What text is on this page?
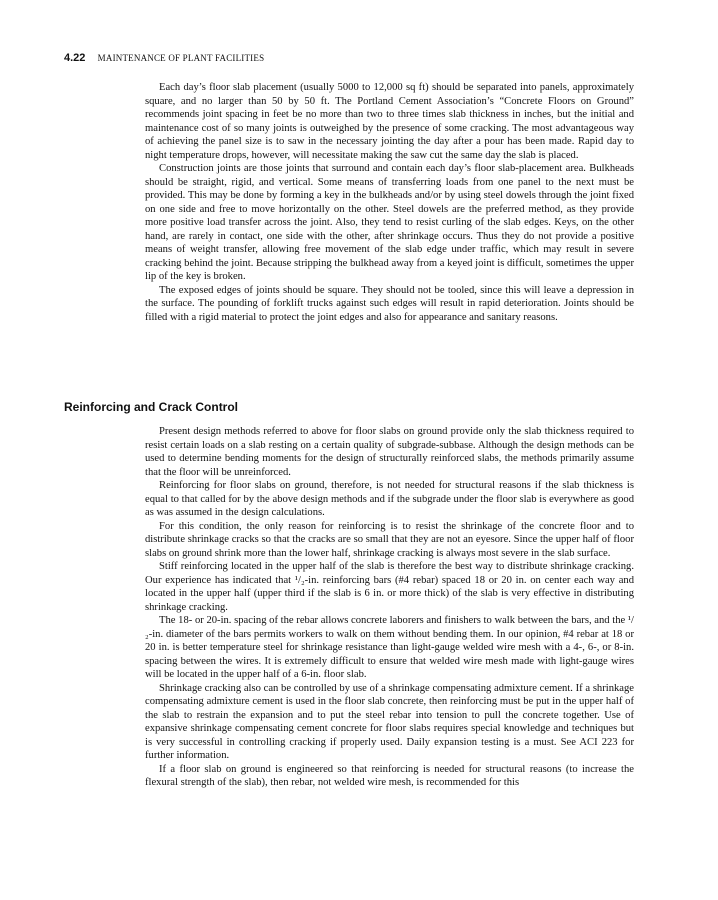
4.22 MAINTENANCE OF PLANT FACILITIES

Each day’s floor slab placement (usually 5000 to 12,000 sq ft) should be separated into panels, approximately square, and no larger than 50 by 50 ft. The Portland Cement Association’s “Concrete Floors on Ground” recommends joint spacing in feet be no more than two to three times slab thickness in inches, but the initial and maintenance cost of so many joints is outweighed by the presence of some cracking. The most advantageous way of achieving the panel size is to saw in the necessary jointing the day after a pour has been made. Rapid day to night temperature drops, however, will necessitate making the saw cut the same day the slab is placed.

Construction joints are those joints that surround and contain each day’s floor slab-placement area. Bulkheads should be straight, rigid, and vertical. Some means of transferring loads from one panel to the next must be provided. This may be done by forming a key in the bulkheads and/or by using steel dowels through the joint fixed on one side and free to move horizontally on the other. Steel dowels are the preferred method, as they provide more positive load transfer across the joint. Also, they tend to resist curling of the slab edges. Keys, on the other hand, are rarely in contact, one side with the other, after shrinkage occurs. Thus they do not provide a positive means of weight transfer, allowing free movement of the slab edge under traffic, which may result in severe cracking behind the joint. Because stripping the bulkhead away from a keyed joint is difficult, sometimes the upper lip of the key is broken.

The exposed edges of joints should be square. They should not be tooled, since this will leave a depression in the surface. The pounding of forklift trucks against such edges will result in rapid deterioration. Joints should be filled with a rigid material to protect the joint edges and also for appearance and sanitary reasons.

Reinforcing and Crack Control

Present design methods referred to above for floor slabs on ground provide only the slab thickness required to resist certain loads on a slab resting on a certain quality of subgrade-subbase. Although the design methods can be used to determine bending moments for the design of structurally reinforced slabs, the methods primarily assume that the floor will be unreinforced.

Reinforcing for floor slabs on ground, therefore, is not needed for structural reasons if the slab thickness is equal to that called for by the above design methods and if the subgrade under the floor slab is everywhere as good as was assumed in the design calculations.

For this condition, the only reason for reinforcing is to resist the shrinkage of the concrete floor and to distribute shrinkage cracks so that the cracks are so small that they are not an eyesore. Since the upper half of floor slabs on ground shrink more than the lower half, shrinkage cracking is always most severe in the slab surface.

Stiff reinforcing located in the upper half of the slab is therefore the best way to distribute shrinkage cracking. Our experience has indicated that ¹/₂-in. reinforcing bars (#4 rebar) spaced 18 or 20 in. on center each way and located in the upper half (upper third if the slab is 6 in. or more thick) of the slab is very effective in distributing shrinkage cracking.

The 18- or 20-in. spacing of the rebar allows concrete laborers and finishers to walk between the bars, and the ¹/₂-in. diameter of the bars permits workers to walk on them without bending them. In our opinion, #4 rebar at 18 or 20 in. is better temperature steel for shrinkage resistance than light-gauge welded wire mesh with a 4-, 6-, or 8-in. spacing between the wires. It is extremely difficult to ensure that welded wire mesh made with light-gauge wires will be located in the upper half of a 6-in. floor slab.

Shrinkage cracking also can be controlled by use of a shrinkage compensating admixture cement. If a shrinkage compensating admixture cement is used in the floor slab concrete, then reinforcing must be put in the upper half of the slab to restrain the expansion and to put the steel rebar into tension to pull the concrete together. Use of expansive shrinkage compensating cement concrete for floor slabs requires special knowledge and techniques but is very successful in controlling cracking if properly used. Daily expansion testing is a must. See ACI 223 for further information.

If a floor slab on ground is engineered so that reinforcing is needed for structural reasons (to increase the flexural strength of the slab), then rebar, not welded wire mesh, is recommended for this
